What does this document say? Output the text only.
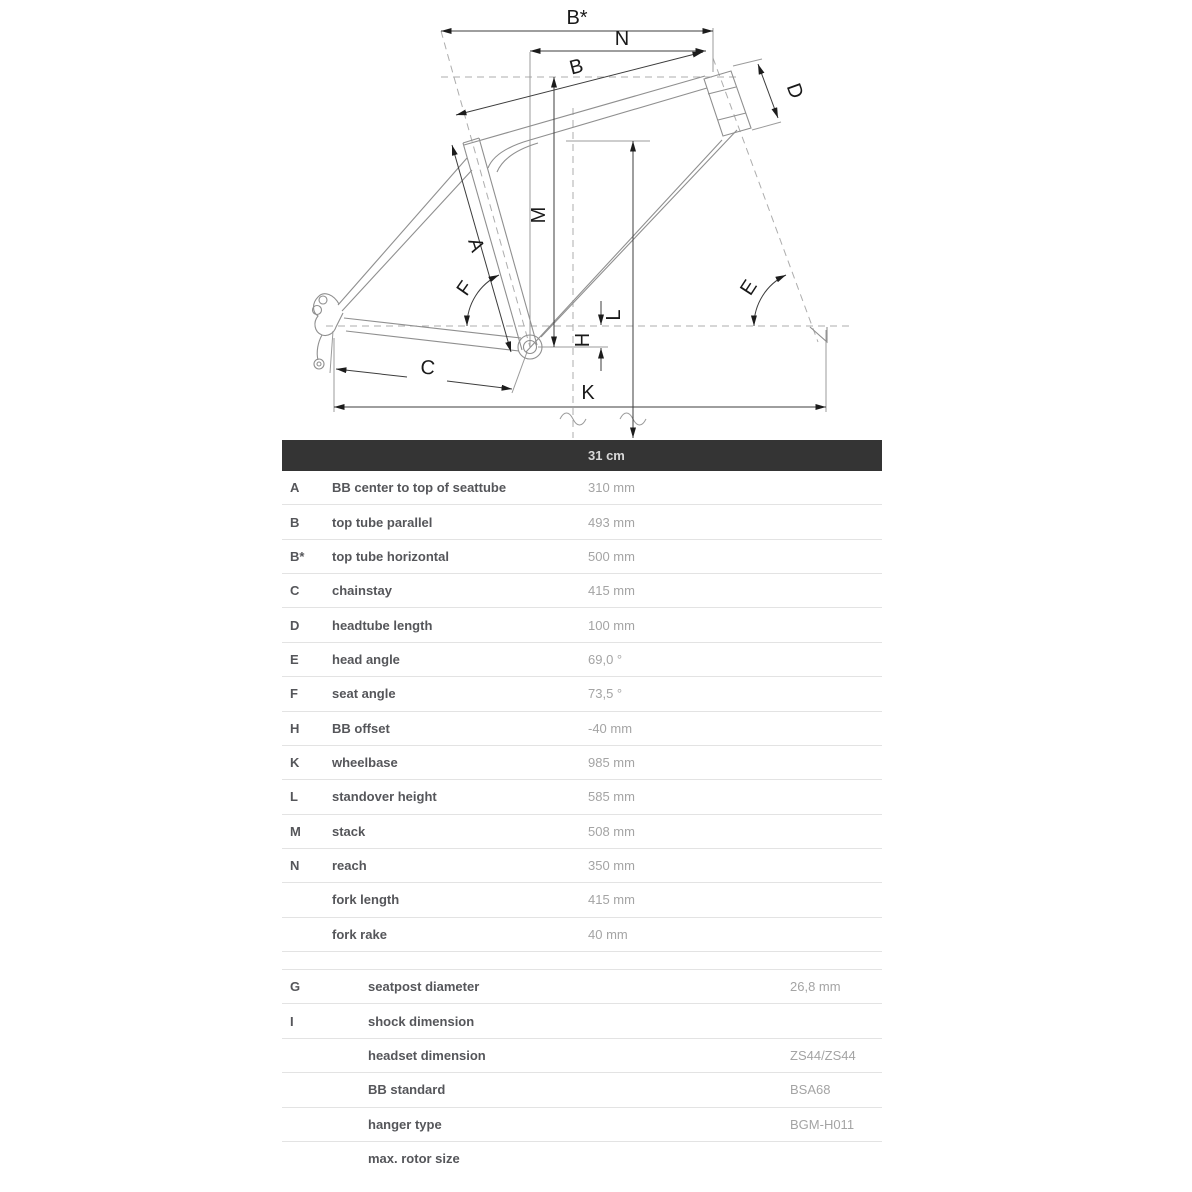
B*
N
B
D
M
A
F	E
H
L
C
K
31 cm
A	BB center to top of seattube	310 mm
B	top tube parallel	493 mm
B*	top tube horizontal	500 mm
C	chainstay	415 mm
D	headtube length	100 mm
E	head angle	69,0 °
F	seat angle	73,5 °
H	BB offset	-40 mm
K	wheelbase	985 mm
L	standover height	585 mm
M	stack	508 mm
N	reach	350 mm
fork length	415 mm
fork rake	40 mm
G	seatpost diameter	26,8 mm
I	shock dimension
headset dimension	ZS44/ZS44
BB standard	BSA68
hanger type	BGM-H011
max. rotor size
